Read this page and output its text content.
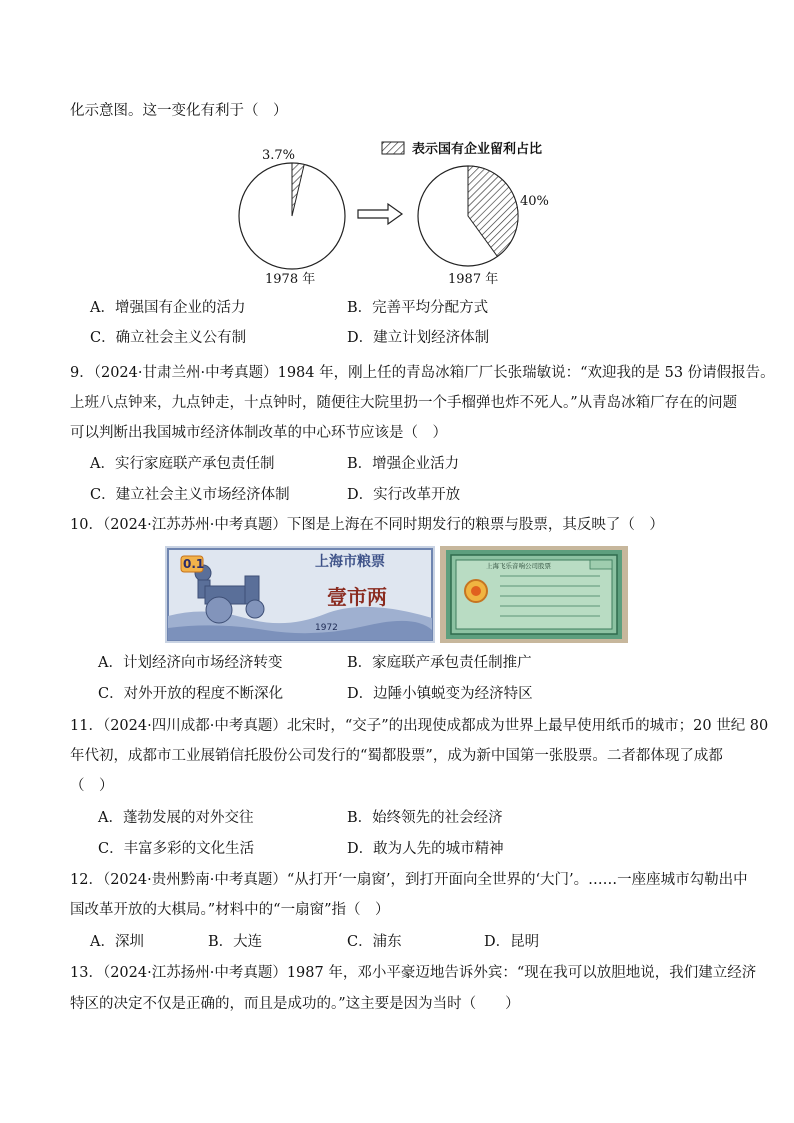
化示意图。这一变化有利于（　）
表示国有企业留利占比
3.7%
1978 年
40%
1987 年
A．增强国有企业的活力	B．完善平均分配方式
C．确立社会主义公有制	D．建立计划经济体制
9．（2024·甘肃兰州·中考真题）1984 年，刚上任的青岛冰箱厂厂长张瑞敏说：“欢迎我的是 53 份请假报告。
上班八点钟来，九点钟走，十点钟时，随便往大院里扔一个手榴弹也炸不死人。”从青岛冰箱厂存在的问题
可以判断出我国城市经济体制改革的中心环节应该是（　）
A．实行家庭联产承包责任制	B．增强企业活力
C．建立社会主义市场经济体制	D．实行改革开放
10．（2024·江苏苏州·中考真题）下图是上海在不同时期发行的粮票与股票，其反映了（　）
0.1	上海市粮票
壹市两
1972
上海飞乐音响公司股票
A．计划经济向市场经济转变	B．家庭联产承包责任制推广
C．对外开放的程度不断深化	D．边陲小镇蜕变为经济特区
11．（2024·四川成都·中考真题）北宋时，“交子”的出现使成都成为世界上最早使用纸币的城市；20 世纪 80
年代初，成都市工业展销信托股份公司发行的“蜀都股票”，成为新中国第一张股票。二者都体现了成都
（　）
A．蓬勃发展的对外交往	B．始终领先的社会经济
C．丰富多彩的文化生活	D．敢为人先的城市精神
12．（2024·贵州黔南·中考真题）“从打开‘一扇窗’，到打开面向全世界的‘大门’。……一座座城市勾勒出中
国改革开放的大棋局。”材料中的“一扇窗”指（　）
A．深圳	B．大连	C．浦东	D．昆明
13．（2024·江苏扬州·中考真题）1987 年，邓小平豪迈地告诉外宾：“现在我可以放胆地说，我们建立经济
特区的决定不仅是正确的，而且是成功的。”这主要是因为当时（　　）
